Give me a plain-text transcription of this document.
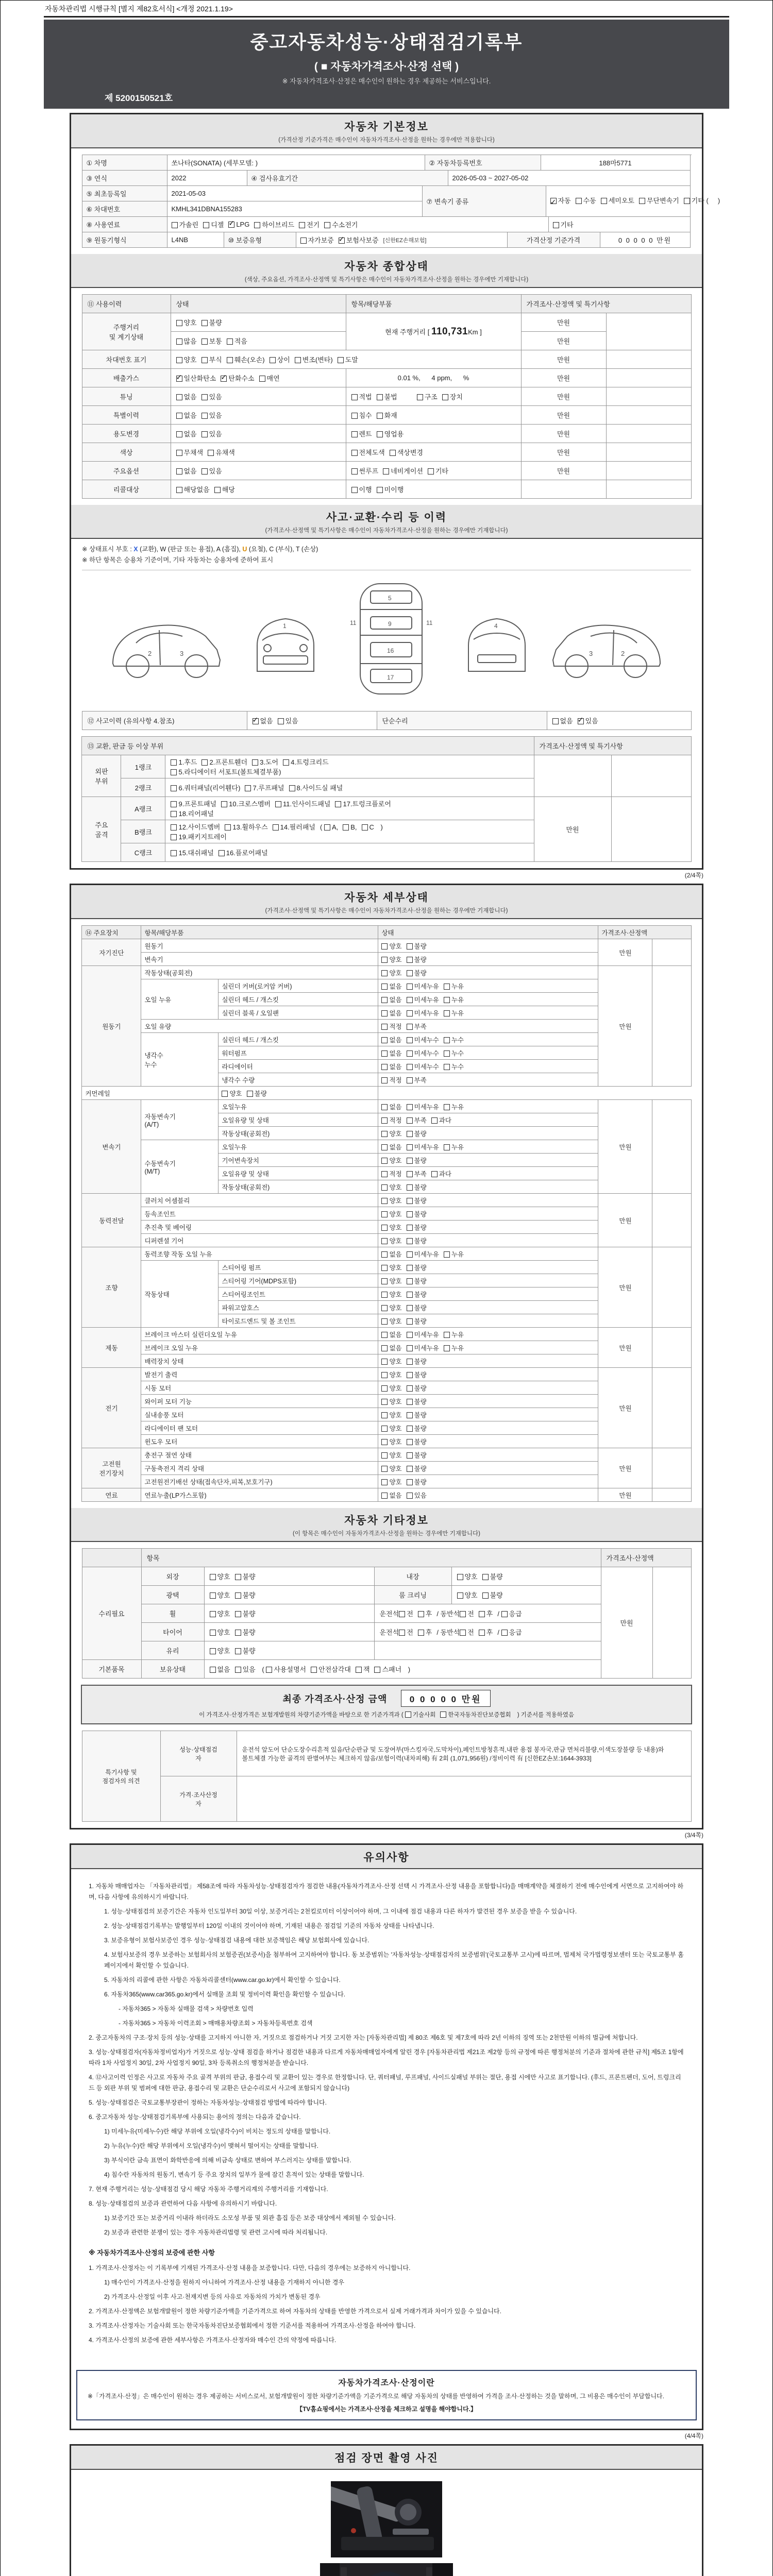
자동차관리법 시행규칙 [별지 제82호서식] <개정 2021.1.19>
중고자동차성능·상태점검기록부
( ■ 자동차가격조사·산정 선택 )
※ 자동차가격조사·산정은 매수인이 원하는 경우 제공하는 서비스입니다.
제 5200150521호
자동차 기본정보
(가격산정 기준가격은 매수인이 자동차가격조사·산정을 원하는 경우에만 적용합니다)
① 차명	쏘나타(SONATA) (세부모델: )	② 자동차등록번호	188마5771
③ 연식	2022	④ 검사유효기간	2026-05-03 ~ 2027-05-02
⑤ 최초등록일	2021-05-03
⑥ 차대번호	KMHL341DBNA155283
⑦ 변속기 종류 ✓	자동	수동	세미오토	무단변속기	기타 (     )
⑧ 사용연료	가솔린	디젤 ✓	LPG	하이브리드	전기	수소전기	기타
⑨ 원동기형식	L4NB	⑩ 보증유형	자가보증 ✓	보험사보증 [신한EZ손해보험]	가격산정 기준가격	0 0 0 0 0 만원
자동차 종합상태
(색상, 주요옵션, 가격조사·산정액 및 특기사항은 매수인이 자동차가격조사·산정을 원하는 경우에만 기재합니다)
⑪ 사용이력	상태	항목/해당부품	가격조사·산정액 및 특기사항	
주행거리
및 계기상태	양호 불량	현재 주행거리 [ 110,731Km ]	만원	
	많음 보통 적음		만원	
차대번호 표기	양호 부식 훼손(오손) 상이 변조(변타) 도말		만원	
배출가스	✓일산화탄소 ✓ 탄화수소 매연	0.01 %,      4 ppm,      %	만원	
튜닝	없음 있음	적법 불법 구조 장치	만원	
특별이력	없음 있음	침수 화재	만원	
용도변경	없음 있음	렌트 영업용	만원	
색상	무채색 유채색	전체도색 색상변경	만원	
주요옵션	없음 있음	썬루프 네비게이션 기타	만원	
리콜대상	해당없음 해당	이행 미이행		
사고·교환·수리 등 이력
(가격조사·산정액 및 특기사항은 매수인이 자동차가격조사·산정을 원하는 경우에만 기재합니다)
※ 상태표시 부호 : X (교환), W (판금 또는 용접), A (흠집), U (요철), C (부식), T (손상)
※ 하단 항목은 승용차 기준이며, 기타 자동차는 승용차에 준하여 표시
2	3
1
5
9
11	11
16
17
4
2
3
⑫ 사고이력 (유의사항 4.참조)	✓없음 있음	단순수리	없음 ✓ 있음
⑬ 교환, 판금 등 이상 부위			가격조사·산정액 및 특기사항	
외판
부위	1랭크	1.후드 2.프론트휀더 3.도어 4.트렁크리드
5.라디에이터 서포트(볼트체결부품)		
	2랭크	6.쿼터패널(리어휀다) 7.루프패널 8.사이드실 패널		
주요
골격	A랭크	9.프론트패널 10.크로스멤버 11.인사이드패널 17.트렁크플로어
18.리어패널	만원	
	B랭크	12.사이드멤버 13.휠하우스 14.필러패널 ( A, B, C )
19.패키지트레이		
	C랭크	15.대쉬패널 16.플로어패널		
(2/4쪽)
자동차 세부상태
(가격조사·산정액 및 특기사항은 매수인이 자동차가격조사·산정을 원하는 경우에만 기재합니다)
⑭ 주요장치	항목/해당부품		상태	가격조사·산정액	
자기진단	원동기		양호 불량	만원	
	변속기		양호 불량		
원동기	작동상태(공회전)		양호 불량	만원	
	오일 누유	실린더 커버(로커암 커버)	없음 미세누유 누유		
		실린더 헤드 / 개스킷	없음 미세누유 누유		
		실린더 블록 / 오일팬	없음 미세누유 누유		
	오일 유량		적정 부족		
	냉각수
누수	실린더 헤드 / 개스킷	없음 미세누수 누수		
		워터펌프	없음 미세누수 누수		
		라디에이터	없음 미세누수 누수		
		냉각수 수량	적정 부족		
커먼레일		양호 불량			
변속기	자동변속기
(A/T)	오일누유	없음 미세누유 누유	만원	
		오일유량 및 상태	적정 부족 과다		
		작동상태(공회전)	양호 불량		
	수동변속기
(M/T)	오일누유	없음 미세누유 누유		
		기어변속장치	양호 불량		
		오일유량 및 상태	적정 부족 과다		
		작동상태(공회전)	양호 불량		
동력전달	클러치 어셈블리		양호 불량	만원	
	등속조인트		양호 불량		
	추진축 및 베어링		양호 불량		
	디퍼렌셜 기어		양호 불량		
조향	동력조향 작동 오일 누유		없음 미세누유 누유	만원	
	작동상태	스티어링 펌프	양호 불량		
		스티어링 기어(MDPS포함)	양호 불량		
		스티어링조인트	양호 불량		
		파워고압호스	양호 불량		
		타이로드엔드 및 볼 조인트	양호 불량		
제동	브레이크 마스터 실린더오일 누유		없음 미세누유 누유	만원	
	브레이크 오일 누유		없음 미세누유 누유		
	배력장치 상태		양호 불량		
전기	발전기 출력		양호 불량	만원	
	시동 모터		양호 불량		
	와이퍼 모터 기능		양호 불량		
	실내송풍 모터		양호 불량		
	라디에이터 팬 모터		양호 불량		
	윈도우 모터		양호 불량		
고전원
전기장치	충전구 절연 상태		양호 불량	만원	
	구동축전지 격리 상태		양호 불량		
	고전원전기배선 상태(접속단자,피복,보호기구)		양호 불량		
연료	연료누출(LP가스포함)		없음 있음	만원	
자동차 기타정보
(이 항목은 매수인이 자동차가격조사·산정을 원하는 경우에만 기재합니다)
	항목				가격조사·산정액	
수리필요	외장	양호 불량	내장	양호 불량	만원	
	광택	양호 불량	룸 크리닝	양호 불량		
	휠	양호 불량	운전석 전 후 / 동반석 전 후 / 응급			
	타이어	양호 불량	운전석 전 후 / 동반석 전 후 / 응급			
	유리	양호 불량				
기본품목	보유상태	없음 있음 ( 사용설명서 안전삼각대 잭 스패너 )				
최종 가격조사·산정 금액	0 0 0 0 0 만원
이 가격조사·산정가격은 보험개발원의 차량기준가액을 바탕으로 한 기준가격과 ( 기술사회 한국자동차진단보증협회 ) 기준서를 적용하였음
특기사항 및
점검자의 의견	성능·상태점검
자	운전석 앞도어 단순도장수리흔적 있음/단순판금 및 도장여부(마스킹자국,도막차이),페인트방청흔적,내판 용접 봉자국,판금 면처리불량,이색도장불량 등 내용)와 볼트체결 가능한 골격의 판별여부는 체크하지 않음/보험이력(내차피해) 有 2회 (1,071,956원) /정비이력 有 [신한EZ손보:1644-3933]
	가격·조사산정
자	
(3/4쪽)
유의사항

1. 자동차 매매업자는 「자동차관리법」 제58조에 따라 자동차성능·상태점검자가 점검한 내용(자동차가격조사·산정 선택 시 가격조사·산정 내용을 포함합니다)을 매매계약을 체결하기 전에 매수인에게 서면으로 고지하여야 하며, 다음 사항에 유의하시기 바랍니다.

1. 성능·상태점검의 보증기간은 자동차 인도일부터 30일 이상, 보증거리는 2천킬로미터 이상이어야 하며, 그 이내에 점검 내용과 다른 하자가 발견된 경우 보증을 받을 수 있습니다.

2. 성능·상태점검기록부는 발행일부터 120일 이내의 것이어야 하며, 기재된 내용은 점검일 기준의 자동차 상태를 나타냅니다.

3. 보증유형이 보험사보증인 경우 성능·상태점검 내용에 대한 보증책임은 해당 보험회사에 있습니다.

4. 보험사보증의 경우 보증하는 보험회사의 보험증권(보증서)을 첨부하여 고지하여야 합니다. 동 보증범위는 '자동차성능·상태점검자의 보증범위'(국토교통부 고시)에 따르며, 법제처 국가법령정보센터 또는 국토교통부 홈페이지에서 확인할 수 있습니다.

5. 자동차의 리콜에 관한 사항은 자동차리콜센터(www.car.go.kr)에서 확인할 수 있습니다.

6. 자동차365(www.car365.go.kr)에서 실매물 조회 및 정비이력 확인을 확인할 수 있습니다.

- 자동차365 > 자동차 실매물 검색 > 차량번호 입력

- 자동차365 > 자동차 이력조회 > 매매용차량조회 > 자동차등록번호 검색

2. 중고자동차의 구조·장치 등의 성능·상태를 고지하지 아니한 자, 거짓으로 점검하거나 거짓 고지한 자는 [자동차관리법] 제 80조 제6호 및 제7호에 따라 2년 이하의 징역 또는 2천만원 이하의 벌금에 처합니다.

3. 성능·상태점검자(자동차정비업자)가 거짓으로 성능·상태 점검을 하거나 점검한 내용과 다르게 자동차매매업자에게 알린 경우 [자동차관리법 제21조 제2항 등의 규정에 따른 행정처분의 기준과 절차에 관한 규칙] 제5조 1항에 따라 1차 사업정지 30일, 2차 사업정지 90일, 3차 등록취소의 행정처분을 받습니다.

4. ⑫사고이력 인정은 사고로 자동차 주요 골격 부위의 판금, 용접수리 및 교환이 있는 경우로 한정합니다. 단, 쿼터패널, 루프패널, 사이드실패널 부위는 절단, 용접 시에만 사고로 표기합니다. (후드, 프론트펜더, 도어, 트렁크리드 등 외판 부위 및 범퍼에 대한 판금, 용접수리 및 교환은 단순수리로서 사고에 포함되지 않습니다)

5. 성능·상태점검은 국토교통부장관이 정하는 자동차성능·상태점검 방법에 따라야 합니다.

6. 중고자동차 성능·상태점검기록부에 사용되는 용어의 정의는 다음과 같습니다.

1) 미세누유(미세누수)란 해당 부위에 오일(냉각수)이 비치는 정도의 상태를 말합니다.

2) 누유(누수)란 해당 부위에서 오일(냉각수)이 맺혀서 떨어지는 상태를 말합니다.

3) 부식이란 금속 표면이 화학반응에 의해 비금속 상태로 변하여 부스러지는 상태를 말합니다.

4) 침수란 자동차의 원동기, 변속기 등 주요 장치의 일부가 물에 잠긴 흔적이 있는 상태를 말합니다.

7. 현재 주행거리는 성능·상태점검 당시 해당 자동차 주행거리계의 주행거리를 기재합니다.

8. 성능·상태점검의 보증과 관련하여 다음 사항에 유의하시기 바랍니다.

1) 보증기간 또는 보증거리 이내라 하더라도 소모성 부품 및 외관 흠집 등은 보증 대상에서 제외될 수 있습니다.

2) 보증과 관련한 분쟁이 있는 경우 자동차관리법령 및 관련 고시에 따라 처리됩니다.

※ 자동차가격조사·산정의 보증에 관한 사항

1. 가격조사·산정자는 이 기록부에 기재된 가격조사·산정 내용을 보증합니다. 다만, 다음의 경우에는 보증하지 아니합니다.

1) 매수인이 가격조사·산정을 원하지 아니하여 가격조사·산정 내용을 기재하지 아니한 경우

2) 가격조사·산정일 이후 사고·천재지변 등의 사유로 자동차의 가치가 변동된 경우

2. 가격조사·산정액은 보험개발원이 정한 차량기준가액을 기준가격으로 하여 자동차의 상태를 반영한 가격으로서 실제 거래가격과 차이가 있을 수 있습니다.

3. 가격조사·산정자는 기술사회 또는 한국자동차진단보증협회에서 정한 기준서를 적용하여 가격조사·산정을 하여야 합니다.

4. 가격조사·산정의 보증에 관한 세부사항은 가격조사·산정자와 매수인 간의 약정에 따릅니다.

자동차가격조사·산정이란
※「가격조사·산정」은 매수인이 원하는 경우 제공하는 서비스로서, 보험개발원이 정한 차량기준가액을 기준가격으로 해당 자동차의 상태를 반영하여 가격을 조사·산정하는 것을 말하며, 그 비용은 매수인이 부담합니다.
【TV홈쇼핑에서는 가격조사·산정을 체크하고 설명을 해야합니다.】
(4/4쪽)
점검 장면 촬영 사진
